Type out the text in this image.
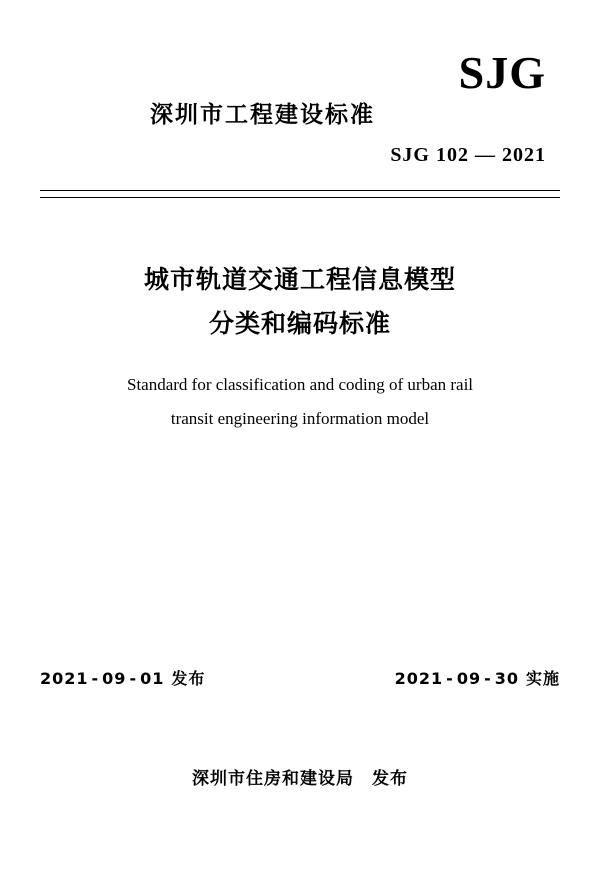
SJG
深圳市工程建设标准
SJG 102 — 2021
城市轨道交通工程信息模型
分类和编码标准
Standard for classification and coding of urban rail
transit engineering information model
2021 - 09 - 01 发布	2021 - 09 - 30 实施
深圳市住房和建设局 发布
